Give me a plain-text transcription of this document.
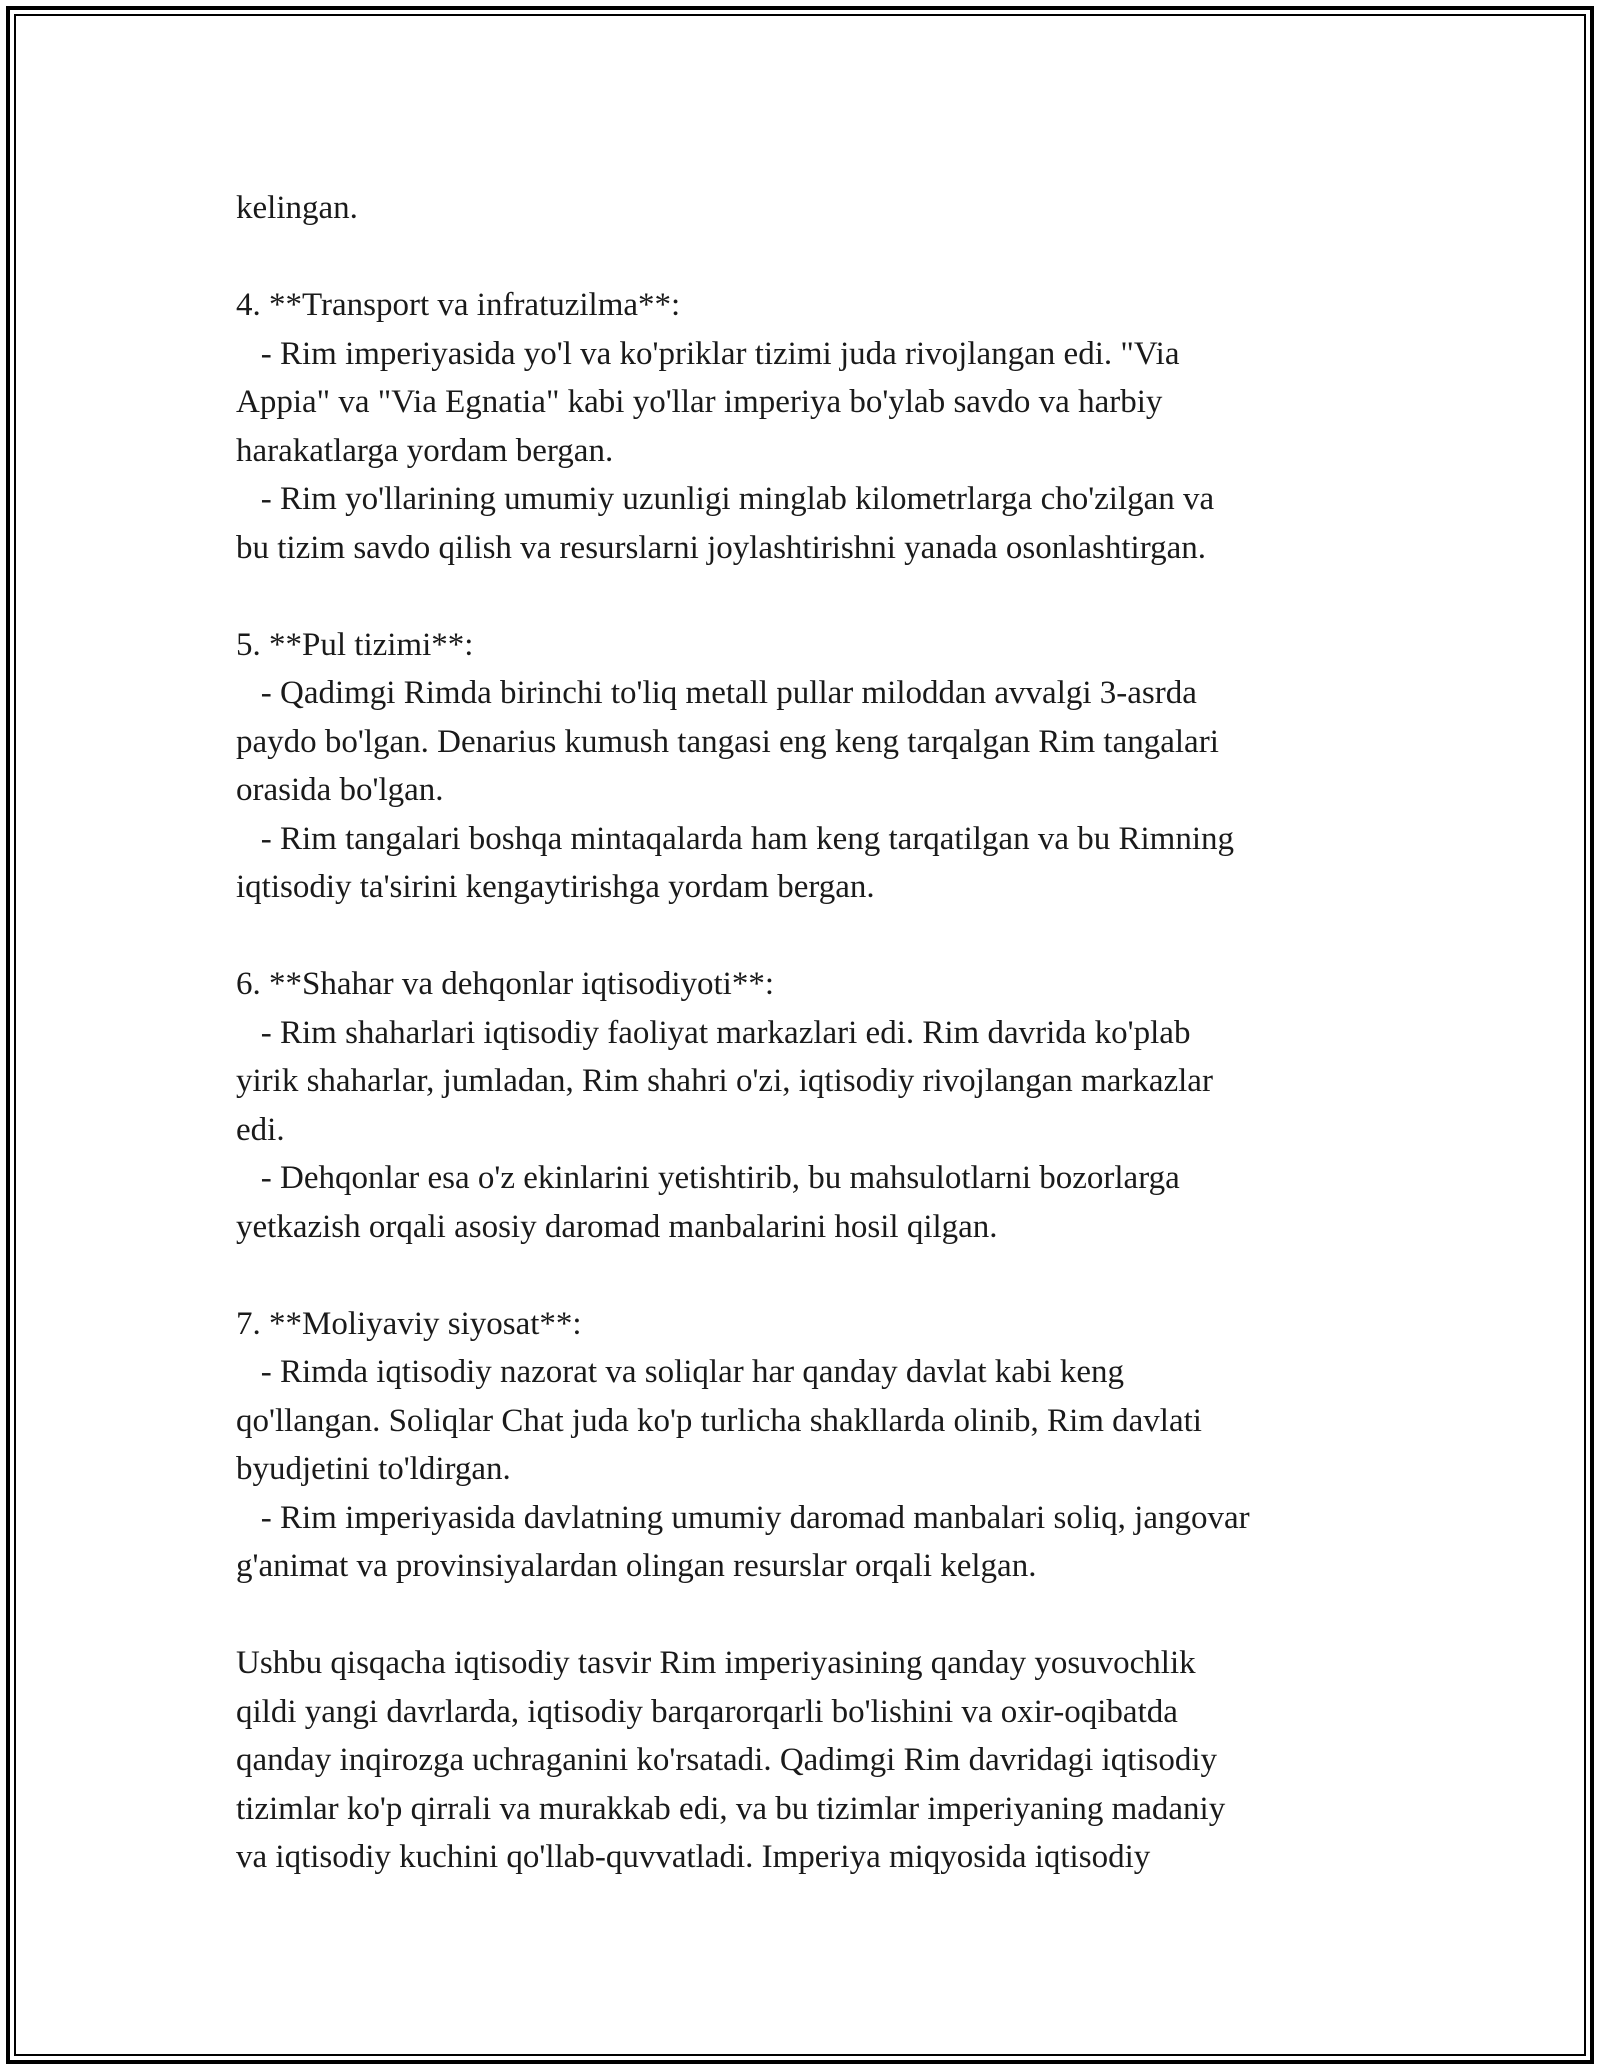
kelingan.
4. **Transport va infratuzilma**:
- Rim imperiyasida yo'l va ko'priklar tizimi juda rivojlangan edi. "Via
Appia" va "Via Egnatia" kabi yo'llar imperiya bo'ylab savdo va harbiy
harakatlarga yordam bergan.
- Rim yo'llarining umumiy uzunligi minglab kilometrlarga cho'zilgan va
bu tizim savdo qilish va resurslarni joylashtirishni yanada osonlashtirgan.
5. **Pul tizimi**:
- Qadimgi Rimda birinchi to'liq metall pullar miloddan avvalgi 3-asrda
paydo bo'lgan. Denarius kumush tangasi eng keng tarqalgan Rim tangalari
orasida bo'lgan.
- Rim tangalari boshqa mintaqalarda ham keng tarqatilgan va bu Rimning
iqtisodiy ta'sirini kengaytirishga yordam bergan.
6. **Shahar va dehqonlar iqtisodiyoti**:
- Rim shaharlari iqtisodiy faoliyat markazlari edi. Rim davrida ko'plab
yirik shaharlar, jumladan, Rim shahri o'zi, iqtisodiy rivojlangan markazlar
edi.
- Dehqonlar esa o'z ekinlarini yetishtirib, bu mahsulotlarni bozorlarga
yetkazish orqali asosiy daromad manbalarini hosil qilgan.
7. **Moliyaviy siyosat**:
- Rimda iqtisodiy nazorat va soliqlar har qanday davlat kabi keng
qo'llangan. Soliqlar Chat juda ko'p turlicha shakllarda olinib, Rim davlati
byudjetini to'ldirgan.
- Rim imperiyasida davlatning umumiy daromad manbalari soliq, jangovar
g'animat va provinsiyalardan olingan resurslar orqali kelgan.
Ushbu qisqacha iqtisodiy tasvir Rim imperiyasining qanday yosuvochlik
qildi yangi davrlarda, iqtisodiy barqarorqarli bo'lishini va oxir-oqibatda
qanday inqirozga uchraganini ko'rsatadi. Qadimgi Rim davridagi iqtisodiy
tizimlar ko'p qirrali va murakkab edi, va bu tizimlar imperiyaning madaniy
va iqtisodiy kuchini qo'llab-quvvatladi. Imperiya miqyosida iqtisodiy
